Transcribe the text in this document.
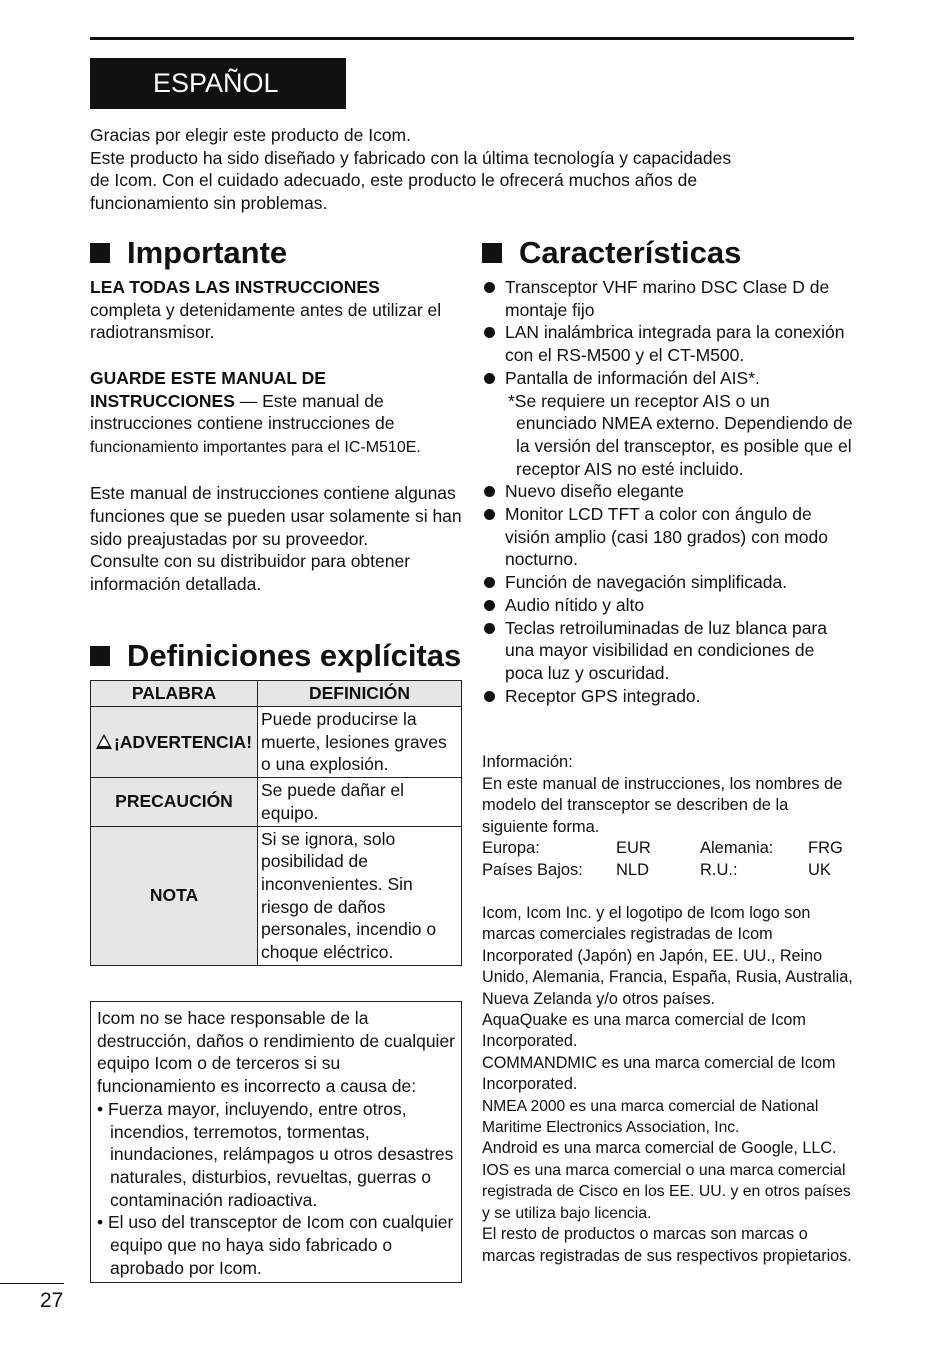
ESPAÑOL

Gracias por elegir este producto de Icom.

Este producto ha sido diseñado y fabricado con la última tecnología y capacidades

de Icom. Con el cuidado adecuado, este producto le ofrecerá muchos años de

funcionamiento sin problemas.

Importante

LEA TODAS LAS INSTRUCCIONES
completa y detenidamente antes de utilizar el radiotransmisor.

GUARDE ESTE MANUAL DE
INSTRUCCIONES — Este manual de instrucciones contiene instrucciones de
funcionamiento importantes para el IC-M510E.

Este manual de instrucciones contiene algunas funciones que se pueden usar solamente si han sido preajustadas por su proveedor.

Consulte con su distribuidor para obtener información detallada.

Definiciones explícitas
PALABRA	DEFINICIÓN
¡ADVERTENCIA!	Puede producirse la muerte, lesiones graves o una explosión.
PRECAUCIÓN	Se puede dañar el equipo.
NOTA	Si se ignora, solo posibilidad de inconvenientes. Sin riesgo de daños personales, incendio o choque eléctrico.

Icom no se hace responsable de la destrucción, daños o rendimiento de cualquier equipo Icom o de terceros si su funcionamiento es incorrecto a causa de:

• Fuerza mayor, incluyendo, entre otros, incendios, terremotos, tormentas, inundaciones, relámpagos u otros desastres naturales, disturbios, revueltas, guerras o contaminación radioactiva.
• El uso del transceptor de Icom con cualquier equipo que no haya sido fabricado o aprobado por Icom.
Características
Transceptor VHF marino DSC Clase D de montaje fijo
LAN inalámbrica integrada para la conexión con el RS-M500 y el CT-M500.
Pantalla de información del AIS*.

*Se requiere un receptor AIS o un enunciado NMEA externo. Dependiendo de la versión del transceptor, es posible que el receptor AIS no esté incluido.

Nuevo diseño elegante
Monitor LCD TFT a color con ángulo de visión amplio (casi 180 grados) con modo nocturno.
Función de navegación simplificada.
Audio nítido y alto
Teclas retroiluminadas de luz blanca para una mayor visibilidad en condiciones de poca luz y oscuridad.
Receptor GPS integrado.

Información:

En este manual de instrucciones, los nombres de modelo del transceptor se describen de la siguiente forma.

Europa:	EUR	Alemania:	FRG
Países Bajos:	NLD	R.U.:	UK

Icom, Icom Inc. y el logotipo de Icom logo son marcas comerciales registradas de Icom Incorporated (Japón) en Japón, EE. UU., Reino Unido, Alemania, Francia, España, Rusia, Australia, Nueva Zelanda y/o otros países.

AquaQuake es una marca comercial de Icom Incorporated.

COMMANDMIC es una marca comercial de Icom Incorporated.

NMEA 2000 es una marca comercial de National Maritime Electronics Association, Inc.

Android es una marca comercial de Google, LLC.

IOS es una marca comercial o una marca comercial registrada de Cisco en los EE. UU. y en otros países y se utiliza bajo licencia.

El resto de productos o marcas son marcas o marcas registradas de sus respectivos propietarios.

27
